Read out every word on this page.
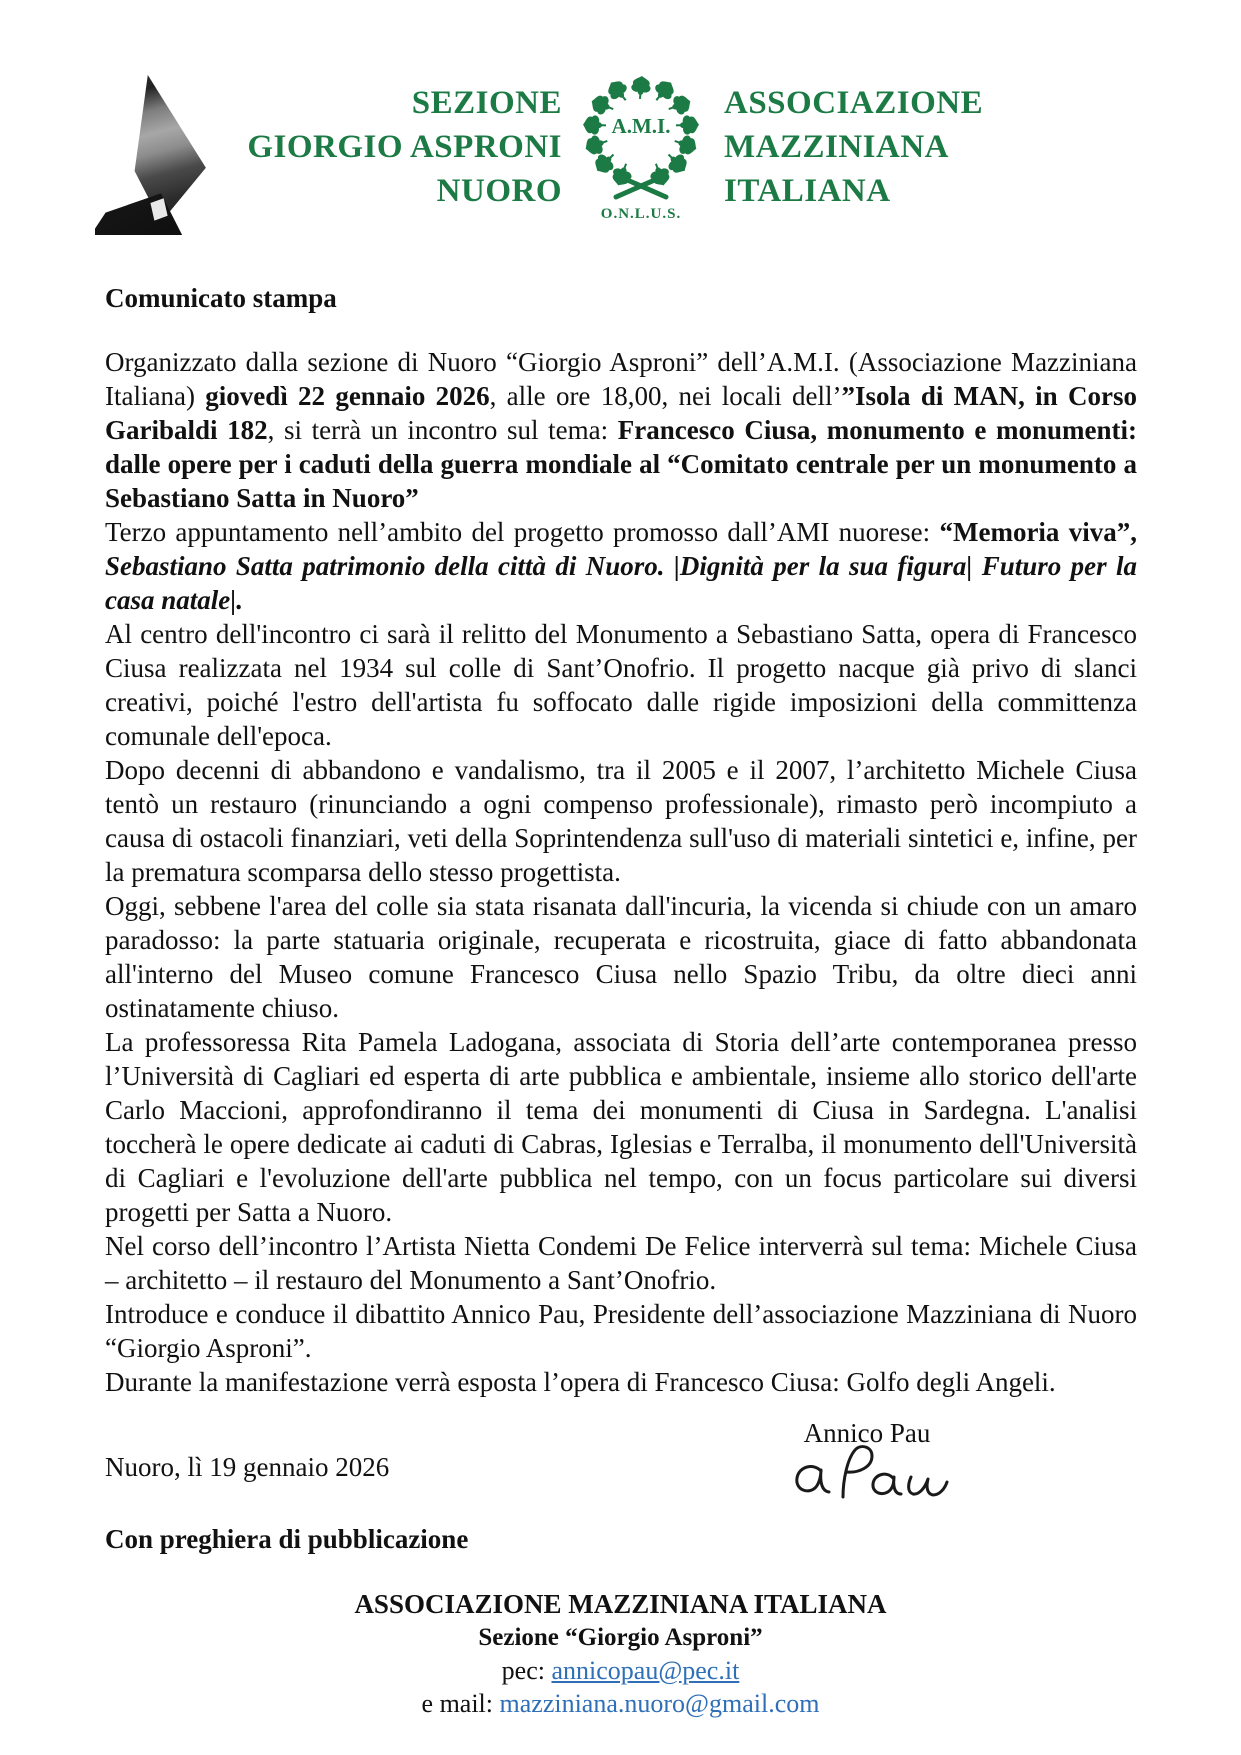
SEZIONE
GIORGIO ASPRONI
NUORO
A.M.I.
O.N.L.U.S.
ASSOCIAZIONE
MAZZINIANA
ITALIANA
Comunicato stampa

Organizzato dalla sezione di Nuoro “Giorgio Asproni” dell’A.M.I. (Associazione Mazziniana Italiana) giovedì 22 gennaio 2026, alle ore 18,00, nei locali dell’”Isola di MAN, in Corso Garibaldi 182, si terrà un incontro sul tema: Francesco Ciusa, monumento e monumenti: dalle opere per i caduti della guerra mondiale al “Comitato centrale per un monumento a Sebastiano Satta in Nuoro”

Terzo appuntamento nell’ambito del progetto promosso dall’AMI nuorese: “Memoria viva”, Sebastiano Satta patrimonio della città di Nuoro. |Dignità per la sua figura| Futuro per la casa natale|.

Al centro dell'incontro ci sarà il relitto del Monumento a Sebastiano Satta, opera di Francesco Ciusa realizzata nel 1934 sul colle di Sant’Onofrio. Il progetto nacque già privo di slanci creativi, poiché l'estro dell'artista fu soffocato dalle rigide imposizioni della committenza comunale dell'epoca.

Dopo decenni di abbandono e vandalismo, tra il 2005 e il 2007, l’architetto Michele Ciusa tentò un restauro (rinunciando a ogni compenso professionale), rimasto però incompiuto a causa di ostacoli finanziari, veti della Soprintendenza sull'uso di materiali sintetici e, infine, per la prematura scomparsa dello stesso progettista.

Oggi, sebbene l'area del colle sia stata risanata dall'incuria, la vicenda si chiude con un amaro paradosso: la parte statuaria originale, recuperata e ricostruita, giace di fatto abbandonata all'interno del Museo comune Francesco Ciusa nello Spazio Tribu, da oltre dieci anni ostinatamente chiuso.

La professoressa Rita Pamela Ladogana, associata di Storia dell’arte contemporanea presso l’Università di Cagliari ed esperta di arte pubblica e ambientale, insieme allo storico dell'arte Carlo Maccioni, approfondiranno il tema dei monumenti di Ciusa in Sardegna. L'analisi toccherà le opere dedicate ai caduti di Cabras, Iglesias e Terralba, il monumento dell'Università di Cagliari e l'evoluzione dell'arte pubblica nel tempo, con un focus particolare sui diversi progetti per Satta a Nuoro.

Nel corso dell’incontro l’Artista Nietta Condemi De Felice interverrà sul tema: Michele Ciusa – architetto – il restauro del Monumento a Sant’Onofrio.

Introduce e conduce il dibattito Annico Pau, Presidente dell’associazione Mazziniana di Nuoro “Giorgio Asproni”.

Durante la manifestazione verrà esposta l’opera di Francesco Ciusa: Golfo degli Angeli.

Nuoro, lì 19 gennaio 2026
Annico Pau
Con preghiera di pubblicazione
ASSOCIAZIONE MAZZINIANA ITALIANA
Sezione “Giorgio Asproni”
pec: annicopau@pec.it
e mail: mazziniana.nuoro@gmail.com
